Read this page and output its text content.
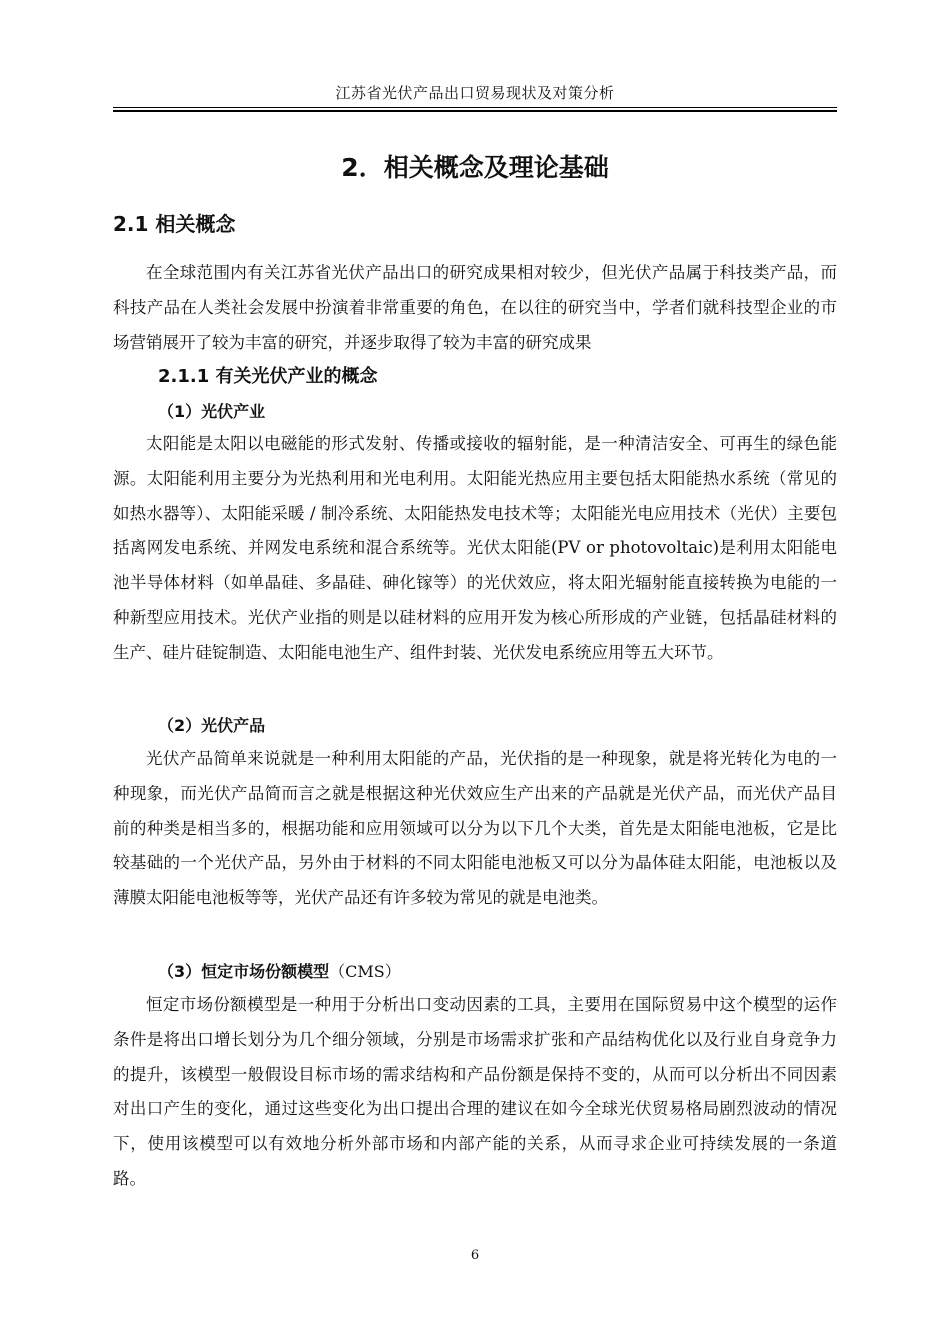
江苏省光伏产品出口贸易现状及对策分析
2．相关概念及理论基础
2.1 相关概念

在全球范围内有关江苏省光伏产品出口的研究成果相对较少，但光伏产品属于科技类产品，而科技产品在人类社会发展中扮演着非常重要的角色，在以往的研究当中，学者们就科技型企业的市场营销展开了较为丰富的研究，并逐步取得了较为丰富的研究成果

2.1.1 有关光伏产业的概念
（1）光伏产业

太阳能是太阳以电磁能的形式发射、传播或接收的辐射能，是一种清洁安全、可再生的绿色能源。太阳能利用主要分为光热利用和光电利用。太阳能光热应用主要包括太阳能热水系统（常见的如热水器等）、太阳能采暖 / 制冷系统、太阳能热发电技术等；太阳能光电应用技术（光伏）主要包括离网发电系统、并网发电系统和混合系统等。光伏太阳能(PV or photovoltaic)是利用太阳能电池半导体材料（如单晶硅、多晶硅、砷化镓等）的光伏效应，将太阳光辐射能直接转换为电能的一种新型应用技术。光伏产业指的则是以硅材料的应用开发为核心所形成的产业链，包括晶硅材料的生产、硅片硅锭制造、太阳能电池生产、组件封装、光伏发电系统应用等五大环节。

（2）光伏产品

光伏产品简单来说就是一种利用太阳能的产品，光伏指的是一种现象，就是将光转化为电的一种现象，而光伏产品简而言之就是根据这种光伏效应生产出来的产品就是光伏产品，而光伏产品目前的种类是相当多的，根据功能和应用领域可以分为以下几个大类，首先是太阳能电池板，它是比较基础的一个光伏产品，另外由于材料的不同太阳能电池板又可以分为晶体硅太阳能，电池板以及薄膜太阳能电池板等等，光伏产品还有许多较为常见的就是电池类。

（3）恒定市场份额模型（CMS）

恒定市场份额模型是一种用于分析出口变动因素的工具，主要用在国际贸易中这个模型的运作条件是将出口增长划分为几个细分领域，分别是市场需求扩张和产品结构优化以及行业自身竞争力的提升，该模型一般假设目标市场的需求结构和产品份额是保持不变的，从而可以分析出不同因素对出口产生的变化，通过这些变化为出口提出合理的建议在如今全球光伏贸易格局剧烈波动的情况下，使用该模型可以有效地分析外部市场和内部产能的关系，从而寻求企业可持续发展的一条道路。

6
